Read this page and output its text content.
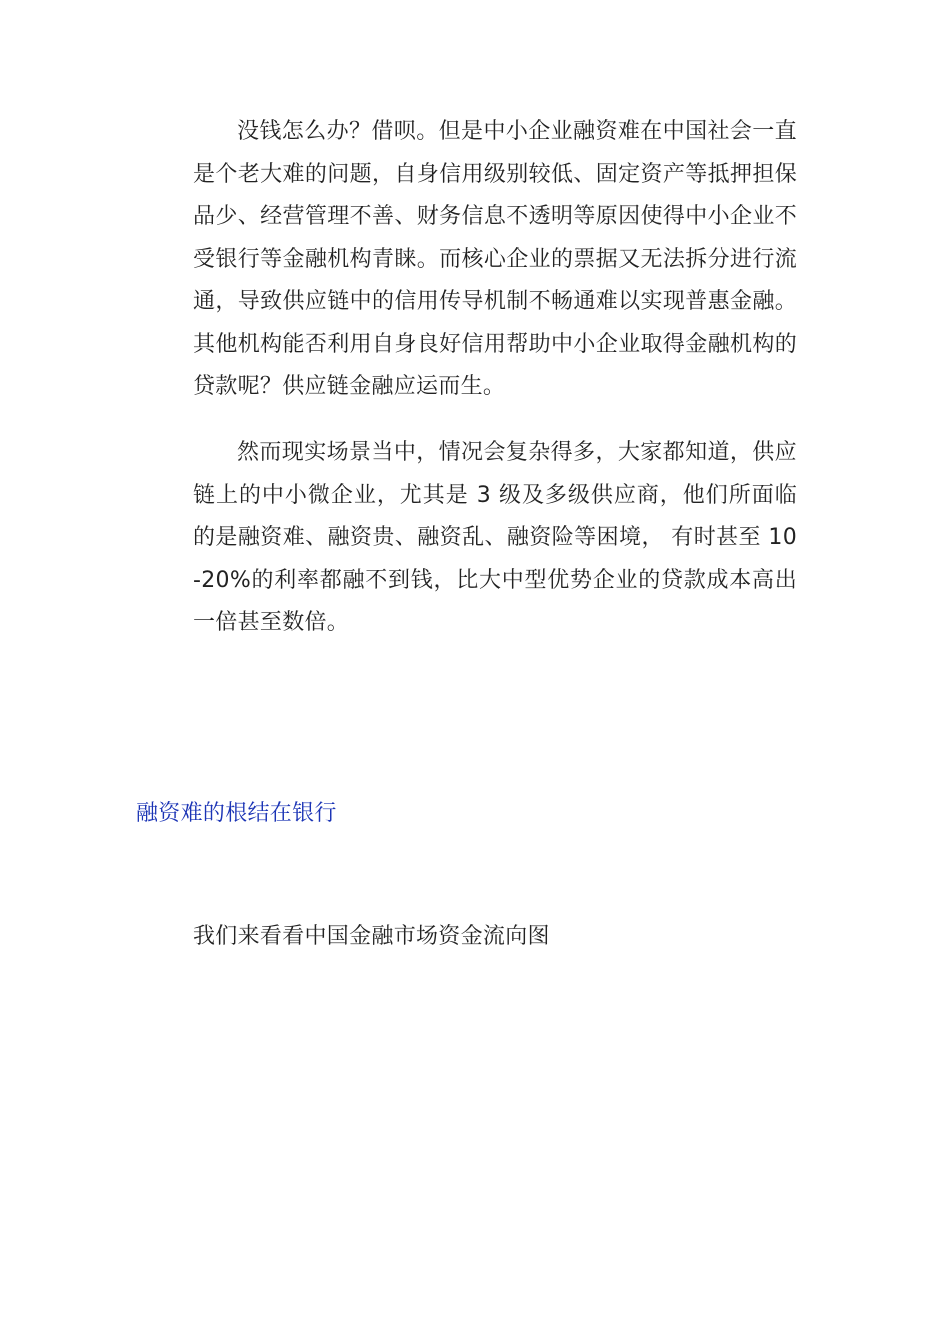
没钱怎么办？借呗。但是中小企业融资难在中国社会一直是个老大难的问题，自身信用级别较低、固定资产等抵押担保品少、经营管理不善、财务信息不透明等原因使得中小企业不受银行等金融机构青睐。而核心企业的票据又无法拆分进行流通，导致供应链中的信用传导机制不畅通难以实现普惠金融。其他机构能否利用自身良好信用帮助中小企业取得金融机构的贷款呢？供应链金融应运而生。

然而现实场景当中，情况会复杂得多，大家都知道，供应链上的中小微企业，尤其是 3 级及多级供应商，他们所面临的是融资难、融资贵、融资乱、融资险等困境， 有时甚至 10-20%的利率都融不到钱，比大中型优势企业的贷款成本高出一倍甚至数倍。

融资难的根结在银行

我们来看看中国金融市场资金流向图
